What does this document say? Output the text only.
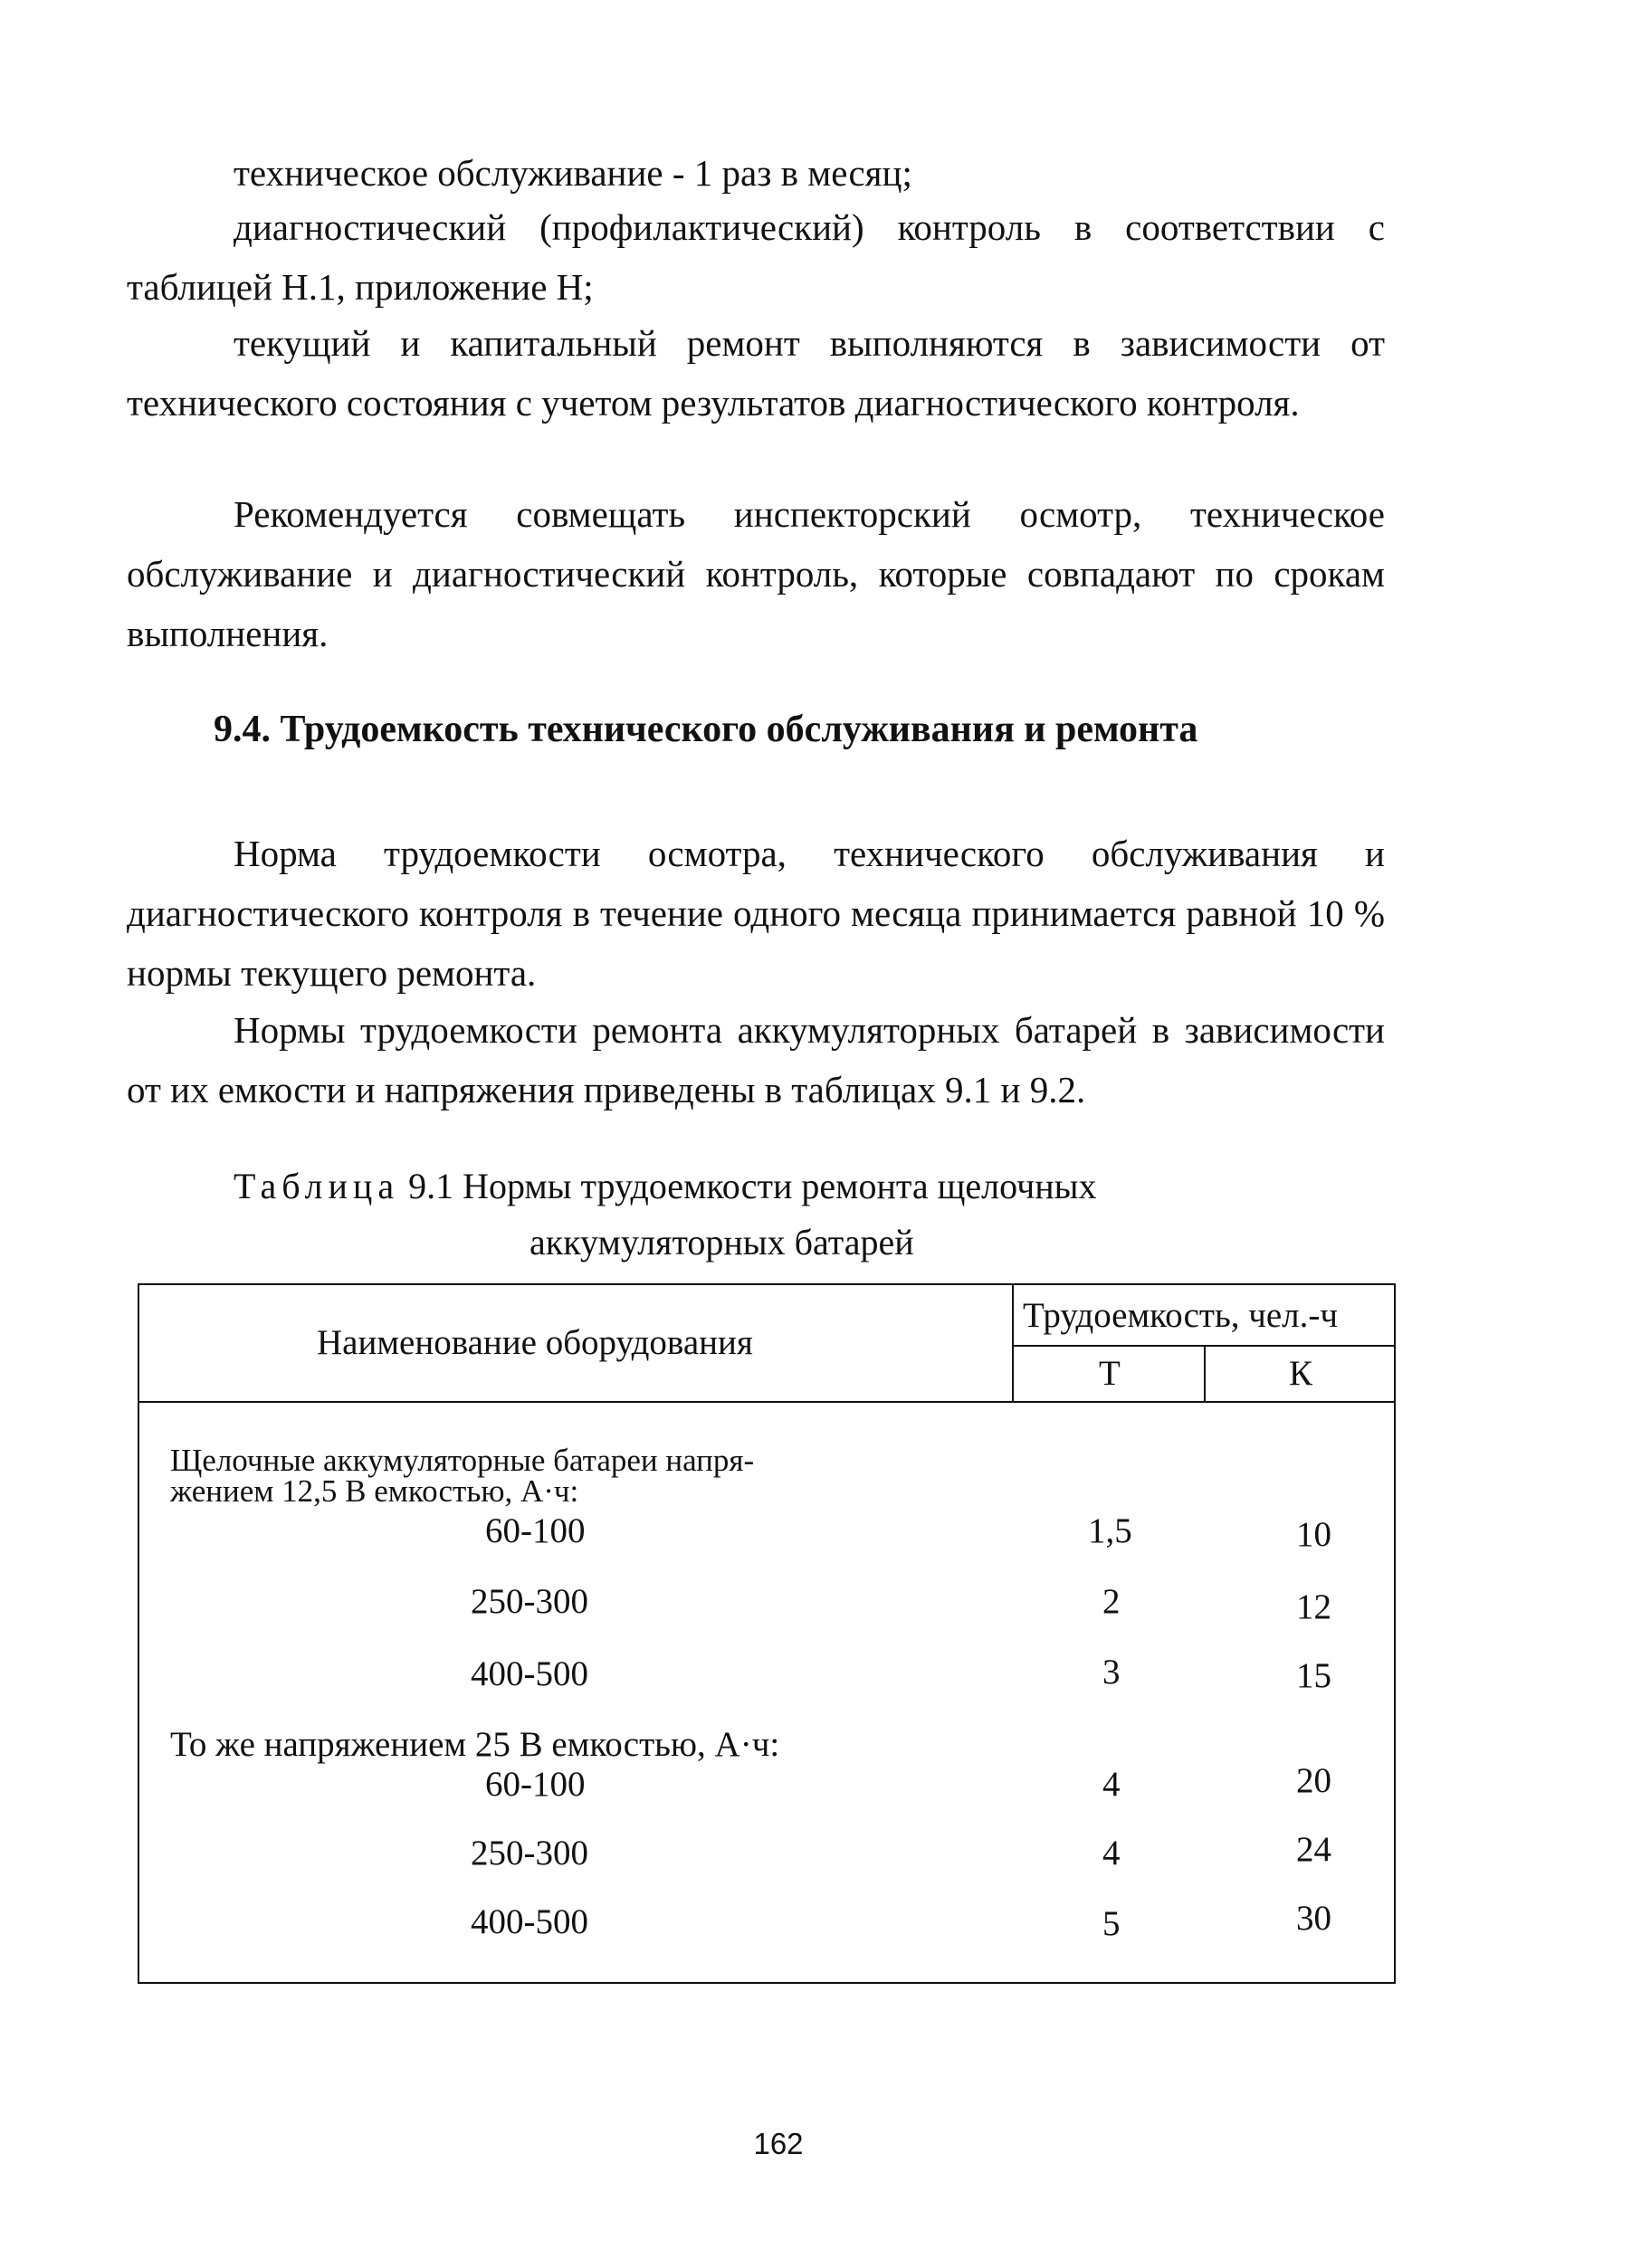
техническое обслуживание - 1 раз в месяц;

диагностический (профилактический) контроль в соответствии с таблицей Н.1, приложение Н;

текущий и капитальный ремонт выполняются в зависимости от технического состояния с учетом результатов диагностического контроля.

Рекомендуется совмещать инспекторский осмотр, техническое обслуживание и диагностический контроль, которые совпадают по срокам выполнения.

9.4. Трудоемкость технического обслуживания и ремонта

Норма трудоемкости осмотра, технического обслуживания и диагностического контроля в течение одного месяца принимается равной 10 % нормы текущего ремонта.

Нормы трудоемкости ремонта аккумуляторных батарей в зависимости от их емкости и напряжения приведены в таблицах 9.1 и 9.2.

Таблица 9.1 Нормы трудоемкости ремонта щелочных
аккумуляторных батарей

Наименование оборудования
Трудоемкость, чел.-ч
Т	К
Щелочные аккумуляторные батареи напря-
жением 12,5 В емкостью, А·ч:
60-100	1,5	10
250-300	2	12
400-500	3	15
То же напряжением 25 В емкостью, А·ч:
60-100	4	20
250-300	4	24
400-500	5	30
162
